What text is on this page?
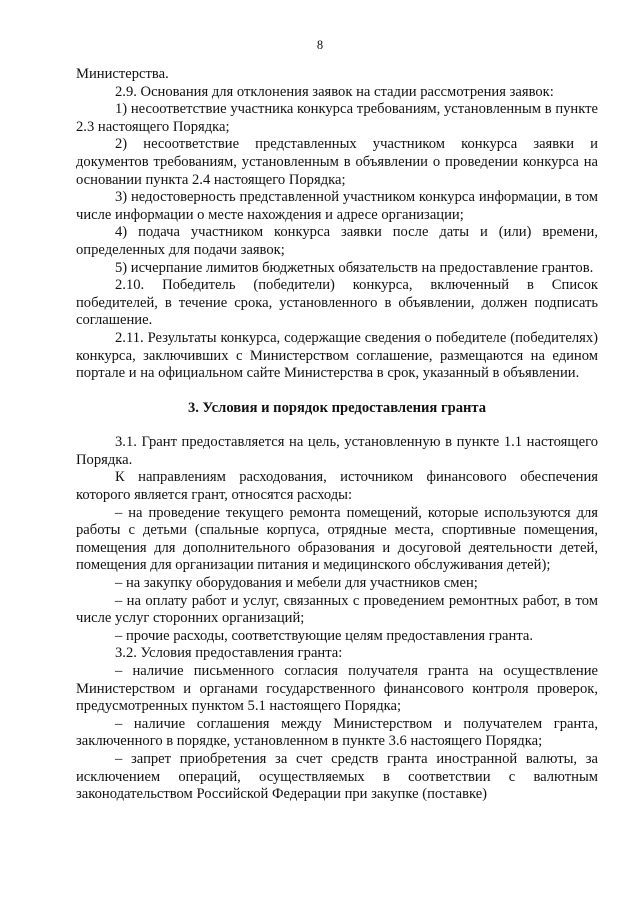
8

Министерства.

2.9. Основания для отклонения заявок на стадии рассмотрения заявок:

1) несоответствие участника конкурса требованиям, установленным в пункте 2.3 настоящего Порядка;

2) несоответствие представленных участником конкурса заявки и документов требованиям, установленным в объявлении о проведении конкурса на основании пункта 2.4 настоящего Порядка;

3) недостоверность представленной участником конкурса информации, в том числе информации о месте нахождения и адресе организации;

4) подача участником конкурса заявки после даты и (или) времени, определенных для подачи заявок;

5) исчерпание лимитов бюджетных обязательств на предоставление грантов.

2.10. Победитель (победители) конкурса, включенный в Список победителей, в течение срока, установленного в объявлении, должен подписать соглашение.

2.11. Результаты конкурса, содержащие сведения о победителе (победителях) конкурса, заключивших с Министерством соглашение, размещаются на едином портале и на официальном сайте Министерства в срок, указанный в объявлении.

3. Условия и порядок предоставления гранта

3.1. Грант предоставляется на цель, установленную в пункте 1.1 настоящего Порядка.

К направлениям расходования, источником финансового обеспечения которого является грант, относятся расходы:

– на проведение текущего ремонта помещений, которые используются для работы с детьми (спальные корпуса, отрядные места, спортивные помещения, помещения для дополнительного образования и досуговой деятельности детей, помещения для организации питания и медицинского обслуживания детей);

– на закупку оборудования и мебели для участников смен;

– на оплату работ и услуг, связанных с проведением ремонтных работ, в том числе услуг сторонних организаций;

– прочие расходы, соответствующие целям предоставления гранта.

3.2. Условия предоставления гранта:

– наличие письменного согласия получателя гранта на осуществление Министерством и органами государственного финансового контроля проверок, предусмотренных пунктом 5.1 настоящего Порядка;

– наличие соглашения между Министерством и получателем гранта, заключенного в порядке, установленном в пункте 3.6 настоящего Порядка;

– запрет приобретения за счет средств гранта иностранной валюты, за исключением операций, осуществляемых в соответствии с валютным законодательством Российской Федерации при закупке (поставке)
